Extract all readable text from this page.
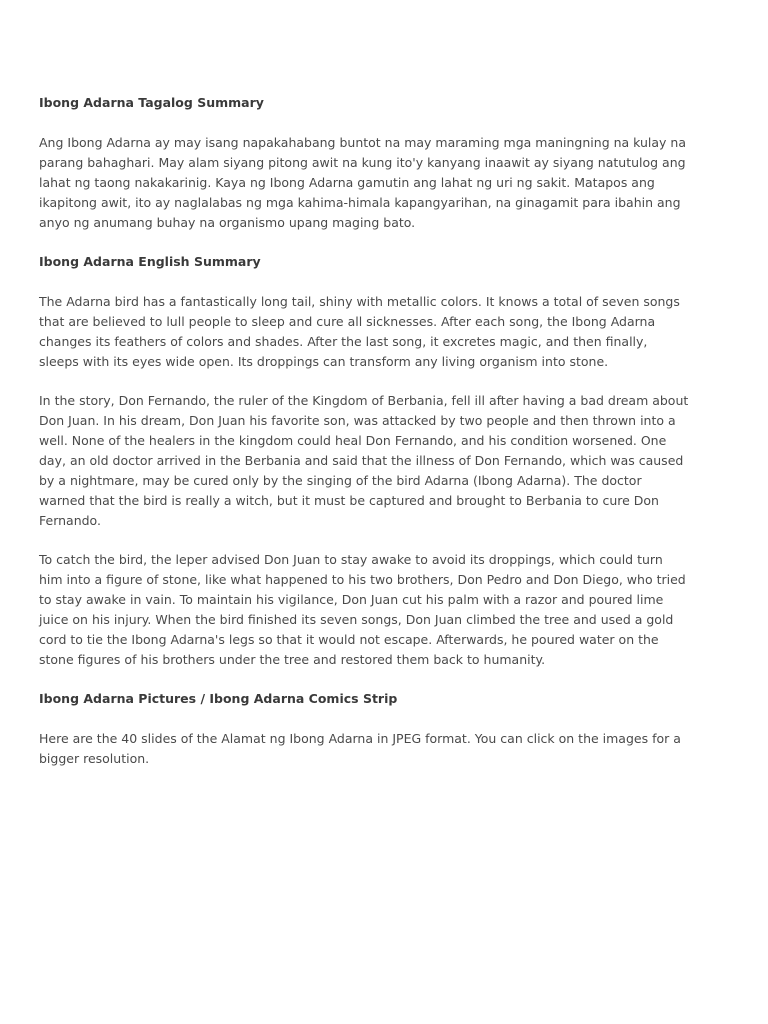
Ibong Adarna Tagalog Summary

Ang Ibong Adarna ay may isang napakahabang buntot na may maraming mga maningning na kulay na parang bahaghari. May alam siyang pitong awit na kung ito'y kanyang inaawit ay siyang natutulog ang lahat ng taong nakakarinig. Kaya ng Ibong Adarna gamutin ang lahat ng uri ng sakit. Matapos ang ikapitong awit, ito ay naglalabas ng mga kahima-himala kapangyarihan, na ginagamit para ibahin ang anyo ng anumang buhay na organismo upang maging bato.

Ibong Adarna English Summary

The Adarna bird has a fantastically long tail, shiny with metallic colors. It knows a total of seven songs that are believed to lull people to sleep and cure all sicknesses. After each song, the Ibong Adarna changes its feathers of colors and shades. After the last song, it excretes magic, and then finally, sleeps with its eyes wide open. Its droppings can transform any living organism into stone.

In the story, Don Fernando, the ruler of the Kingdom of Berbania, fell ill after having a bad dream about Don Juan. In his dream, Don Juan his favorite son, was attacked by two people and then thrown into a well. None of the healers in the kingdom could heal Don Fernando, and his condition worsened. One day, an old doctor arrived in the Berbania and said that the illness of Don Fernando, which was caused by a nightmare, may be cured only by the singing of the bird Adarna (Ibong Adarna). The doctor warned that the bird is really a witch, but it must be captured and brought to Berbania to cure Don Fernando.

To catch the bird, the leper advised Don Juan to stay awake to avoid its droppings, which could turn him into a figure of stone, like what happened to his two brothers, Don Pedro and Don Diego, who tried to stay awake in vain. To maintain his vigilance, Don Juan cut his palm with a razor and poured lime juice on his injury. When the bird finished its seven songs, Don Juan climbed the tree and used a gold cord to tie the Ibong Adarna's legs so that it would not escape. Afterwards, he poured water on the stone figures of his brothers under the tree and restored them back to humanity.

Ibong Adarna Pictures / Ibong Adarna Comics Strip

Here are the 40 slides of the Alamat ng Ibong Adarna in JPEG format. You can click on the images for a bigger resolution.
